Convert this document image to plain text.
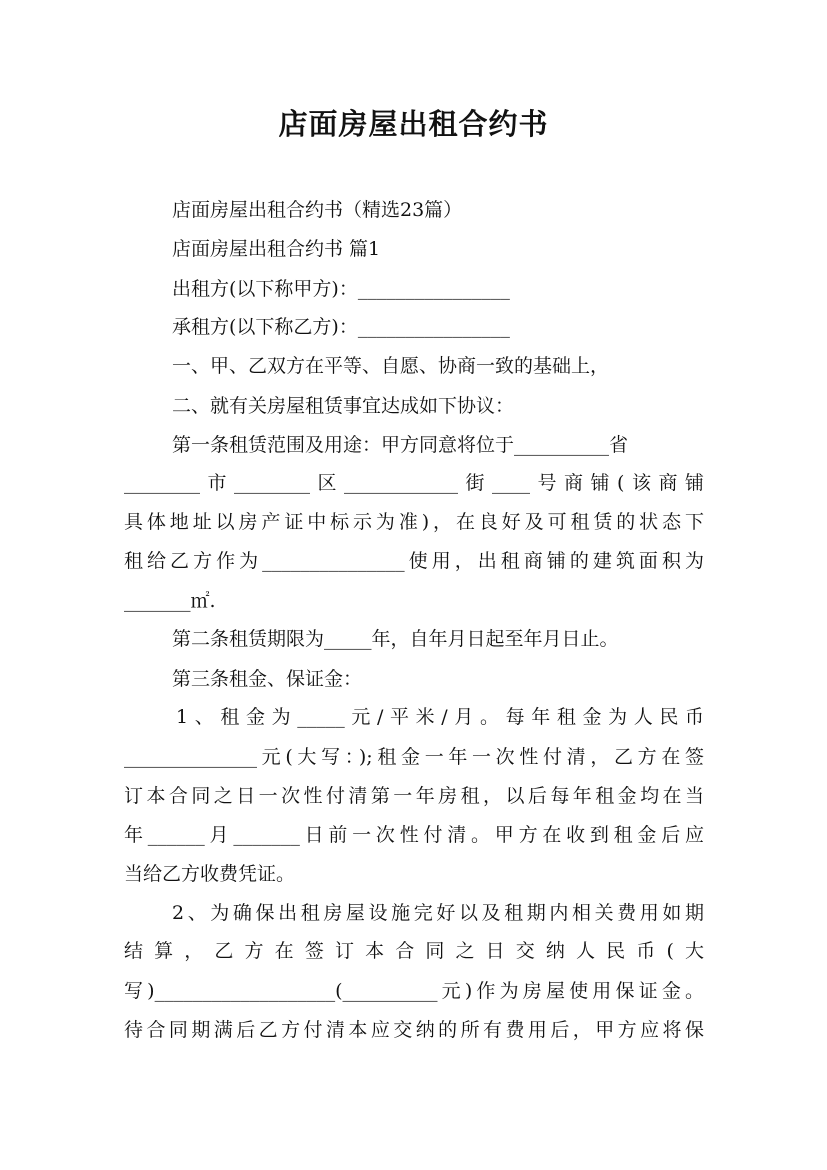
店面房屋出租合约书
店面房屋出租合约书（精选23篇）
店面房屋出租合约书 篇1
出租方(以下称甲方)：________________
承租方(以下称乙方)：________________
一、甲、乙双方在平等、自愿、协商一致的基础上，
二、就有关房屋租赁事宜达成如下协议：
第一条租赁范围及用途：甲方同意将位于__________省
________市________区____________街____号商铺(该商铺
具体地址以房产证中标示为准)，在良好及可租赁的状态下
租给乙方作为_______________使用，出租商铺的建筑面积为
_______㎡.
第二条租赁期限为_____年，自年月日起至年月日止。
第三条租金、保证金：
1、租金为_____元/平米/月。每年租金为人民币
______________元(大写：);租金一年一次性付清，乙方在签
订本合同之日一次性付清第一年房租，以后每年租金均在当
年______月_______日前一次性付清。甲方在收到租金后应
当给乙方收费凭证。
2、为确保出租房屋设施完好以及租期内相关费用如期
结算，乙方在签订本合同之日交纳人民币(大
写)___________________(__________元)作为房屋使用保证金。
待合同期满后乙方付清本应交纳的所有费用后，甲方应将保
